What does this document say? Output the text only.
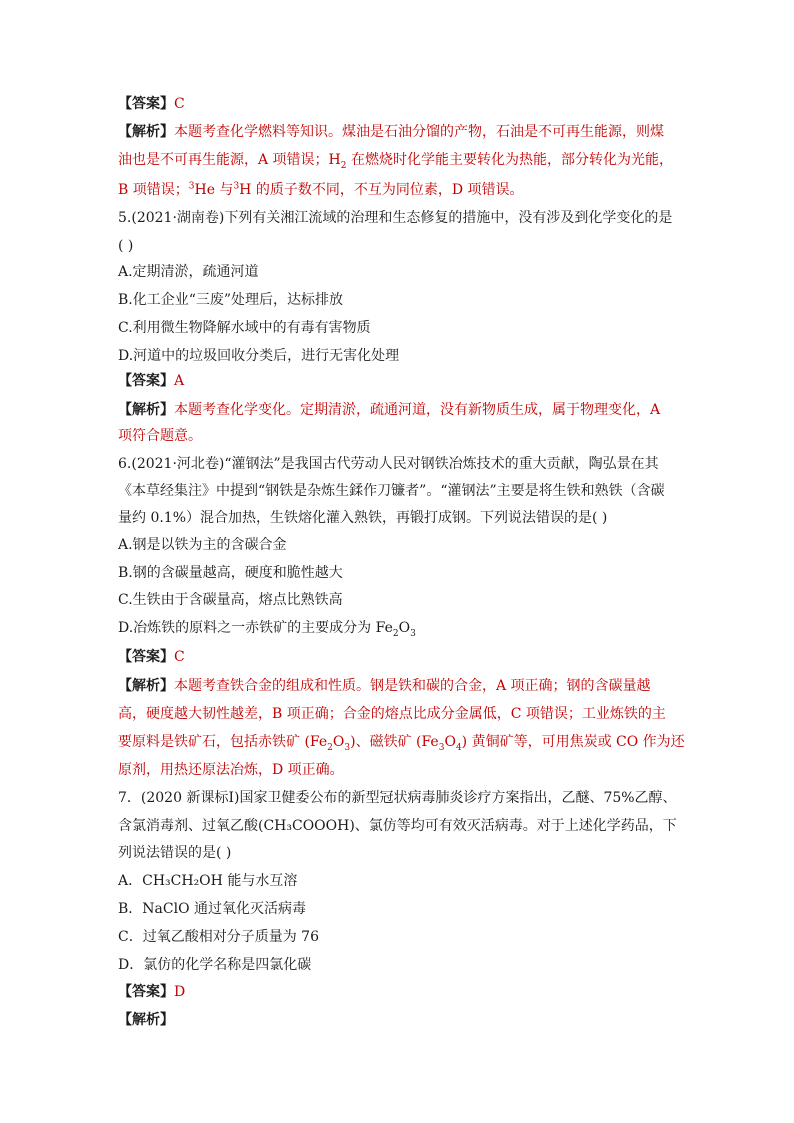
【答案】C
【解析】本题考查化学燃料等知识。煤油是石油分馏的产物，石油是不可再生能源，则煤
油也是不可再生能源，A 项错误；$H_2$ 在燃烧时化学能主要转化为热能，部分转化为光能，
B 项错误；$^3$He 与$^3$H 的质子数不同，不互为同位素，D 项错误。
5.(2021·湖南卷)下列有关湘江流域的治理和生态修复的措施中，没有涉及到化学变化的是
( )
A.定期清淤，疏通河道
B.化工企业“三废”处理后，达标排放
C.利用微生物降解水域中的有毒有害物质
D.河道中的垃圾回收分类后，进行无害化处理
【答案】A
【解析】本题考查化学变化。定期清淤，疏通河道，没有新物质生成，属于物理变化，A
项符合题意。
6.(2021·河北卷)“灌钢法”是我国古代劳动人民对钢铁冶炼技术的重大贡献，陶弘景在其
《本草经集注》中提到“钢铁是杂炼生鍒作刀镰者”。“灌钢法”主要是将生铁和熟铁（含碳
量约 0.1%）混合加热，生铁熔化灌入熟铁，再锻打成钢。下列说法错误的是( )
A.钢是以铁为主的含碳合金
B.钢的含碳量越高，硬度和脆性越大
C.生铁由于含碳量高，熔点比熟铁高
D.冶炼铁的原料之一赤铁矿的主要成分为 $Fe_2O_3$
【答案】C
【解析】本题考查铁合金的组成和性质。钢是铁和碳的合金，A 项正确；钢的含碳量越
高，硬度越大韧性越差，B 项正确；合金的熔点比成分金属低，C 项错误；工业炼铁的主
要原料是铁矿石，包括赤铁矿 $(Fe_2O_3)$、磁铁矿 $(Fe_3O_4)$ 黄铜矿等，可用焦炭或 CO 作为还
原剂，用热还原法冶炼，D 项正确。
7．(2020 新课标Ⅰ)国家卫健委公布的新型冠状病毒肺炎诊疗方案指出，乙醚、75%乙醇、
含氯消毒剂、过氧乙酸(CH₃COOOH)、氯仿等均可有效灭活病毒。对于上述化学药品，下
列说法错误的是( )
A．CH₃CH₂OH 能与水互溶
B．NaClO 通过氧化灭活病毒
C．过氧乙酸相对分子质量为 76
D．氯仿的化学名称是四氯化碳
【答案】D
【解析】
